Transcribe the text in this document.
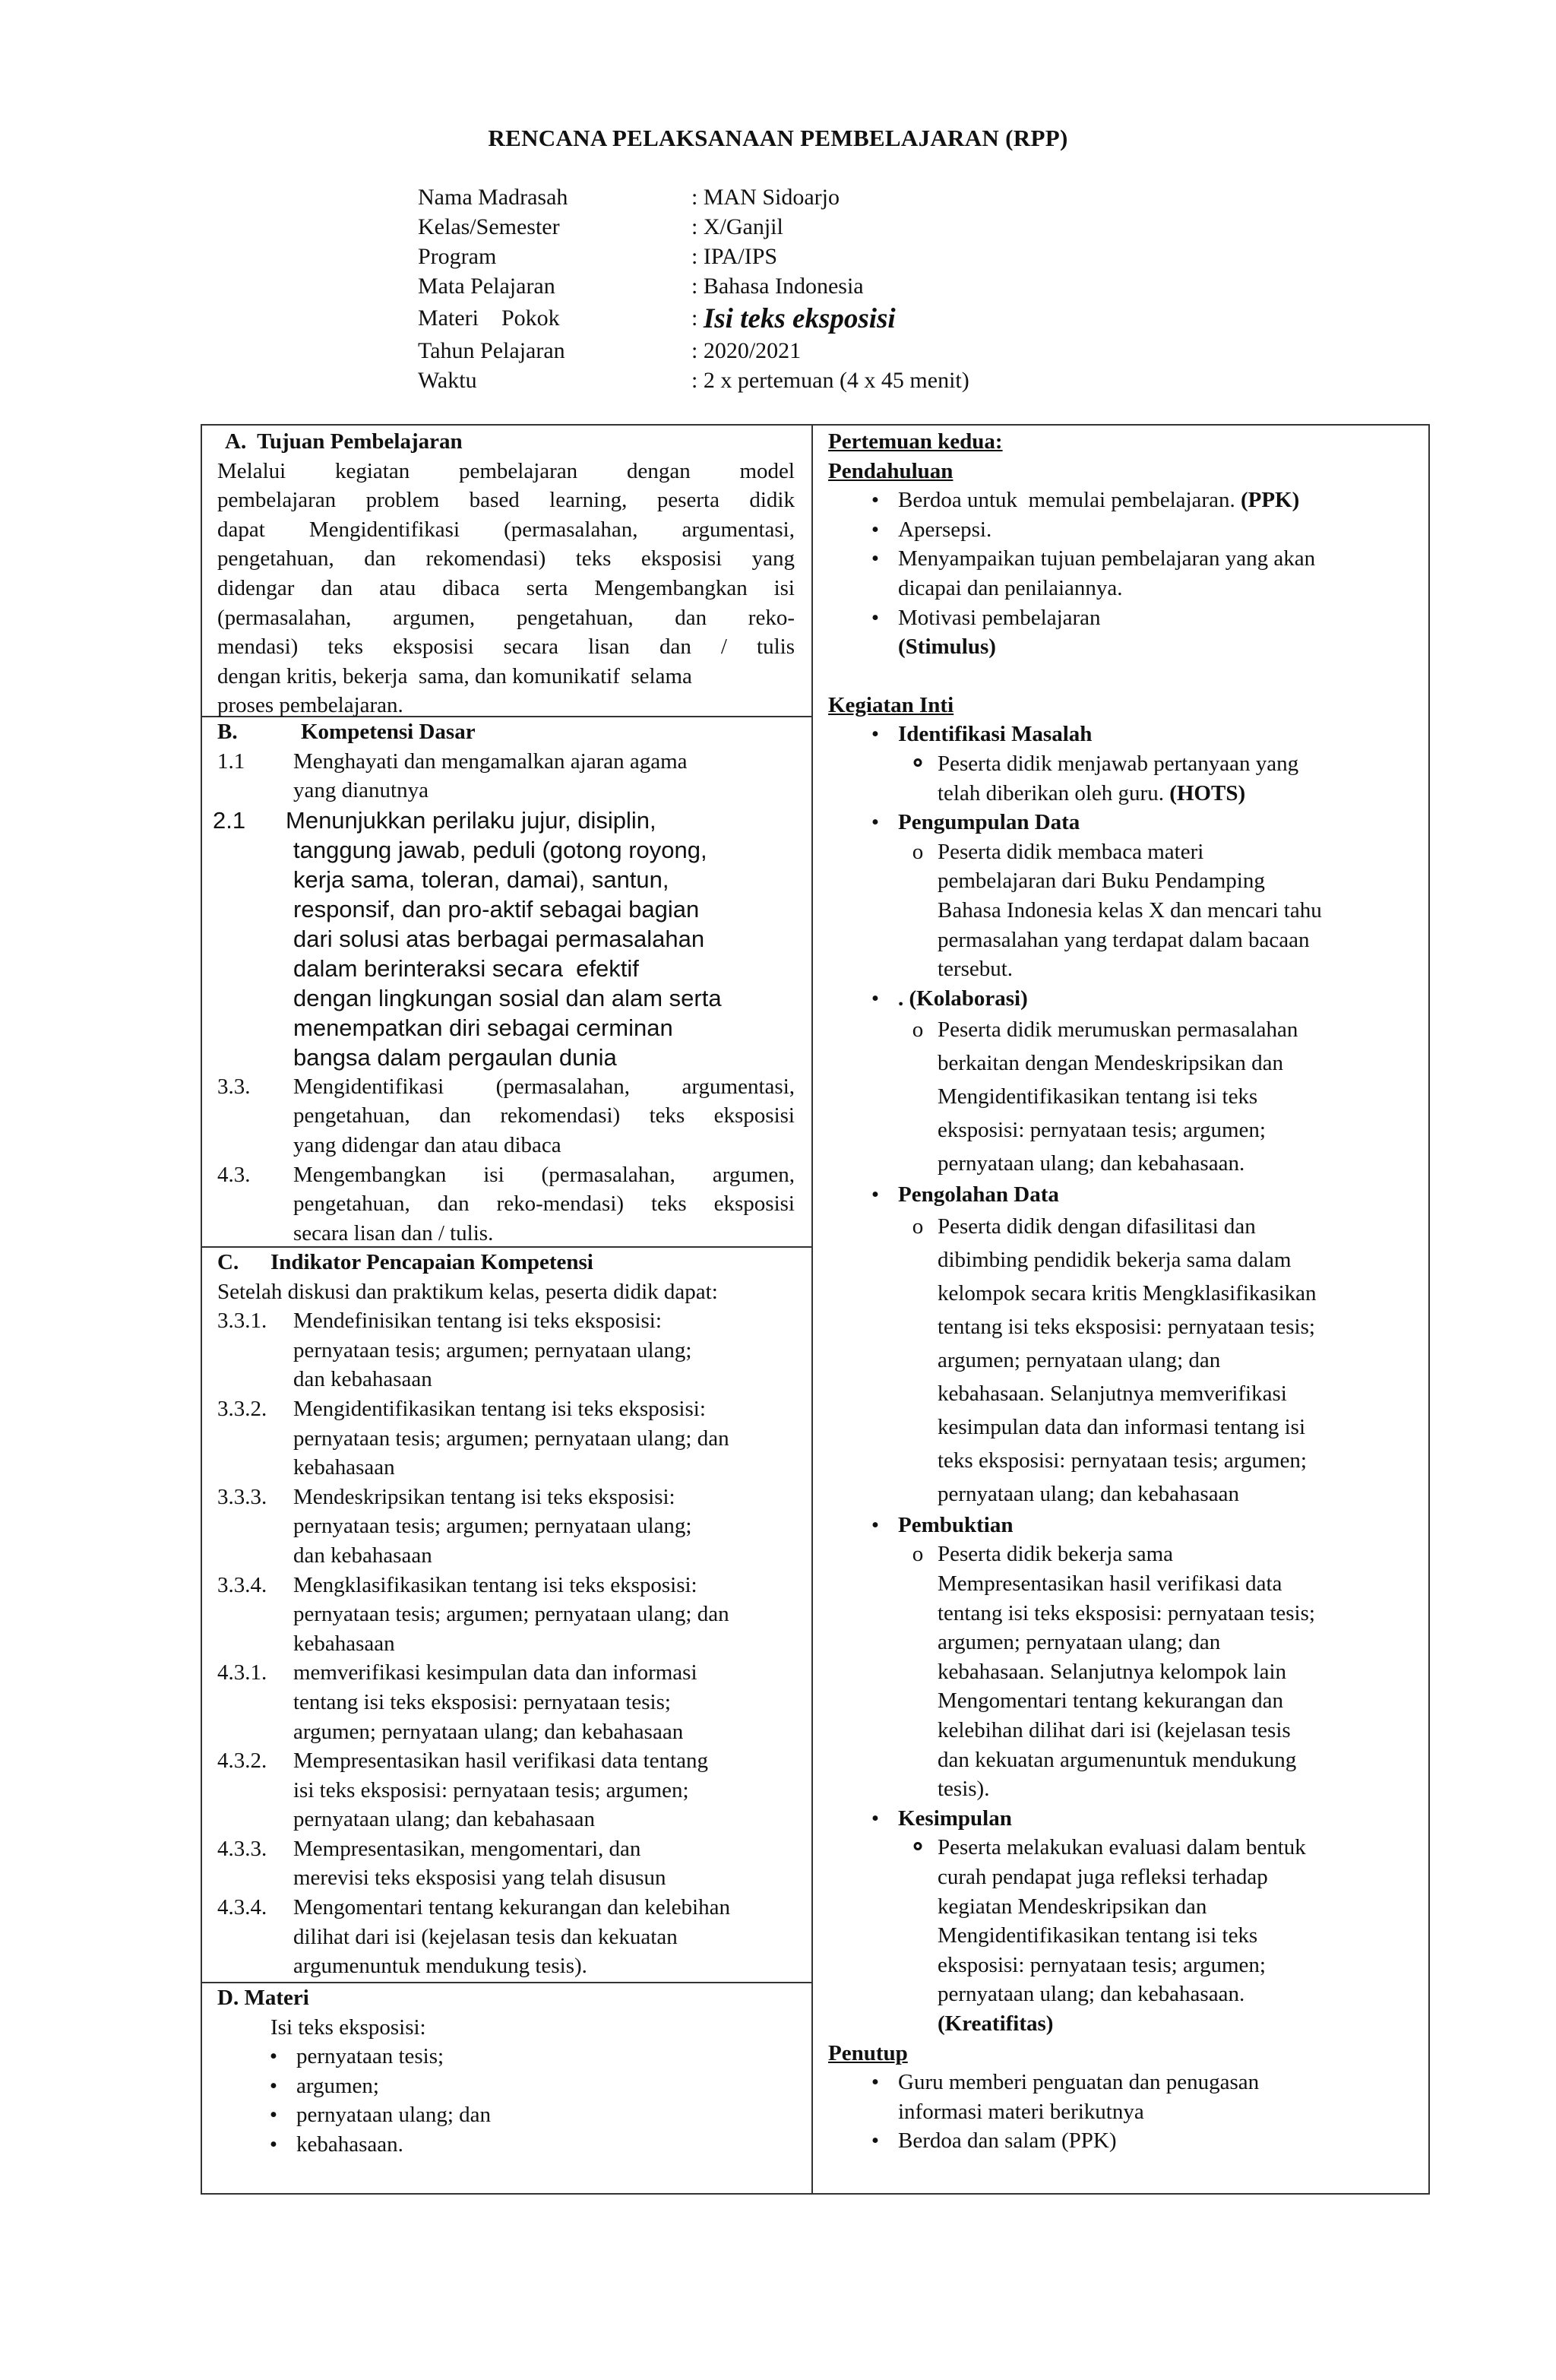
RENCANA PELAKSANAAN PEMBELAJARAN (RPP)
Nama Madrasah	: MAN Sidoarjo
Kelas/Semester	: X/Ganjil
Program	: IPA/IPS
Mata Pelajaran	: Bahasa Indonesia
Materi    Pokok	: Isi teks eksposisi
Tahun Pelajaran	: 2020/2021
Waktu	: 2 x pertemuan (4 x 45 menit)
A.  Tujuan Pembelajaran
Melalui kegiatan pembelajaran dengan model
pembelajaran problem based learning, peserta didik
dapat Mengidentifikasi (permasalahan, argumentasi,
pengetahuan, dan rekomendasi) teks eksposisi yang
didengar dan atau dibaca serta Mengembangkan isi
(permasalahan, argumen, pengetahuan, dan reko-
mendasi) teks eksposisi secara lisan dan / tulis
dengan kritis, bekerja  sama, dan komunikatif  selama
proses pembelajaran.
B.	Kompetensi Dasar
1.1	Menghayati dan mengamalkan ajaran agama
yang dianutnya
2.1	Menunjukkan perilaku jujur, disiplin,
tanggung jawab, peduli (gotong royong,
kerja sama, toleran, damai), santun,
responsif, dan pro-aktif sebagai bagian
dari solusi atas berbagai permasalahan
dalam berinteraksi secara  efektif
dengan lingkungan sosial dan alam serta
menempatkan diri sebagai cerminan
bangsa dalam pergaulan dunia
3.3.	Mengidentifikasi (permasalahan, argumentasi,
pengetahuan, dan rekomendasi) teks eksposisi
yang didengar dan atau dibaca
4.3.	Mengembangkan isi (permasalahan, argumen,
pengetahuan, dan reko-mendasi) teks eksposisi
secara lisan dan / tulis.
C.	Indikator Pencapaian Kompetensi
Setelah diskusi dan praktikum kelas, peserta didik dapat:
3.3.1.	Mendefinisikan tentang isi teks eksposisi:
pernyataan tesis; argumen; pernyataan ulang;
dan kebahasaan
3.3.2.	Mengidentifikasikan tentang isi teks eksposisi:
pernyataan tesis; argumen; pernyataan ulang; dan
kebahasaan
3.3.3.	Mendeskripsikan tentang isi teks eksposisi:
pernyataan tesis; argumen; pernyataan ulang;
dan kebahasaan
3.3.4.	Mengklasifikasikan tentang isi teks eksposisi:
pernyataan tesis; argumen; pernyataan ulang; dan
kebahasaan
4.3.1.	memverifikasi kesimpulan data dan informasi
tentang isi teks eksposisi: pernyataan tesis;
argumen; pernyataan ulang; dan kebahasaan
4.3.2.	Mempresentasikan hasil verifikasi data tentang
isi teks eksposisi: pernyataan tesis; argumen;
pernyataan ulang; dan kebahasaan
4.3.3.	Mempresentasikan, mengomentari, dan
merevisi teks eksposisi yang telah disusun
4.3.4.	Mengomentari tentang kekurangan dan kelebihan
dilihat dari isi (kejelasan tesis dan kekuatan
argumenuntuk mendukung tesis).
D. Materi
Isi teks eksposisi:
• pernyataan tesis;
• argumen;
• pernyataan ulang; dan
• kebahasaan.
Pertemuan kedua:
Pendahuluan
• Berdoa untuk  memulai pembelajaran. (PPK)
• Apersepsi.
• Menyampaikan tujuan pembelajaran yang akan
dicapai dan penilaiannya.
• Motivasi pembelajaran
(Stimulus)
Kegiatan Inti
• Identifikasi Masalah
⚬ Peserta didik menjawab pertanyaan yang
telah diberikan oleh guru. (HOTS)
• Pengumpulan Data
o Peserta didik membaca materi
pembelajaran dari Buku Pendamping
Bahasa Indonesia kelas X dan mencari tahu
permasalahan yang terdapat dalam bacaan
tersebut.
• . (Kolaborasi)
o Peserta didik merumuskan permasalahan
berkaitan dengan Mendeskripsikan dan
Mengidentifikasikan tentang isi teks
eksposisi: pernyataan tesis; argumen;
pernyataan ulang; dan kebahasaan.
• Pengolahan Data
o Peserta didik dengan difasilitasi dan
dibimbing pendidik bekerja sama dalam
kelompok secara kritis Mengklasifikasikan
tentang isi teks eksposisi: pernyataan tesis;
argumen; pernyataan ulang; dan
kebahasaan. Selanjutnya memverifikasi
kesimpulan data dan informasi tentang isi
teks eksposisi: pernyataan tesis; argumen;
pernyataan ulang; dan kebahasaan
• Pembuktian
o Peserta didik bekerja sama
Mempresentasikan hasil verifikasi data
tentang isi teks eksposisi: pernyataan tesis;
argumen; pernyataan ulang; dan
kebahasaan. Selanjutnya kelompok lain
Mengomentari tentang kekurangan dan
kelebihan dilihat dari isi (kejelasan tesis
dan kekuatan argumenuntuk mendukung
tesis).
• Kesimpulan
⚬ Peserta melakukan evaluasi dalam bentuk
curah pendapat juga refleksi terhadap
kegiatan Mendeskripsikan dan
Mengidentifikasikan tentang isi teks
eksposisi: pernyataan tesis; argumen;
pernyataan ulang; dan kebahasaan.
(Kreatifitas)
Penutup
• Guru memberi penguatan dan penugasan
informasi materi berikutnya
• Berdoa dan salam (PPK)
